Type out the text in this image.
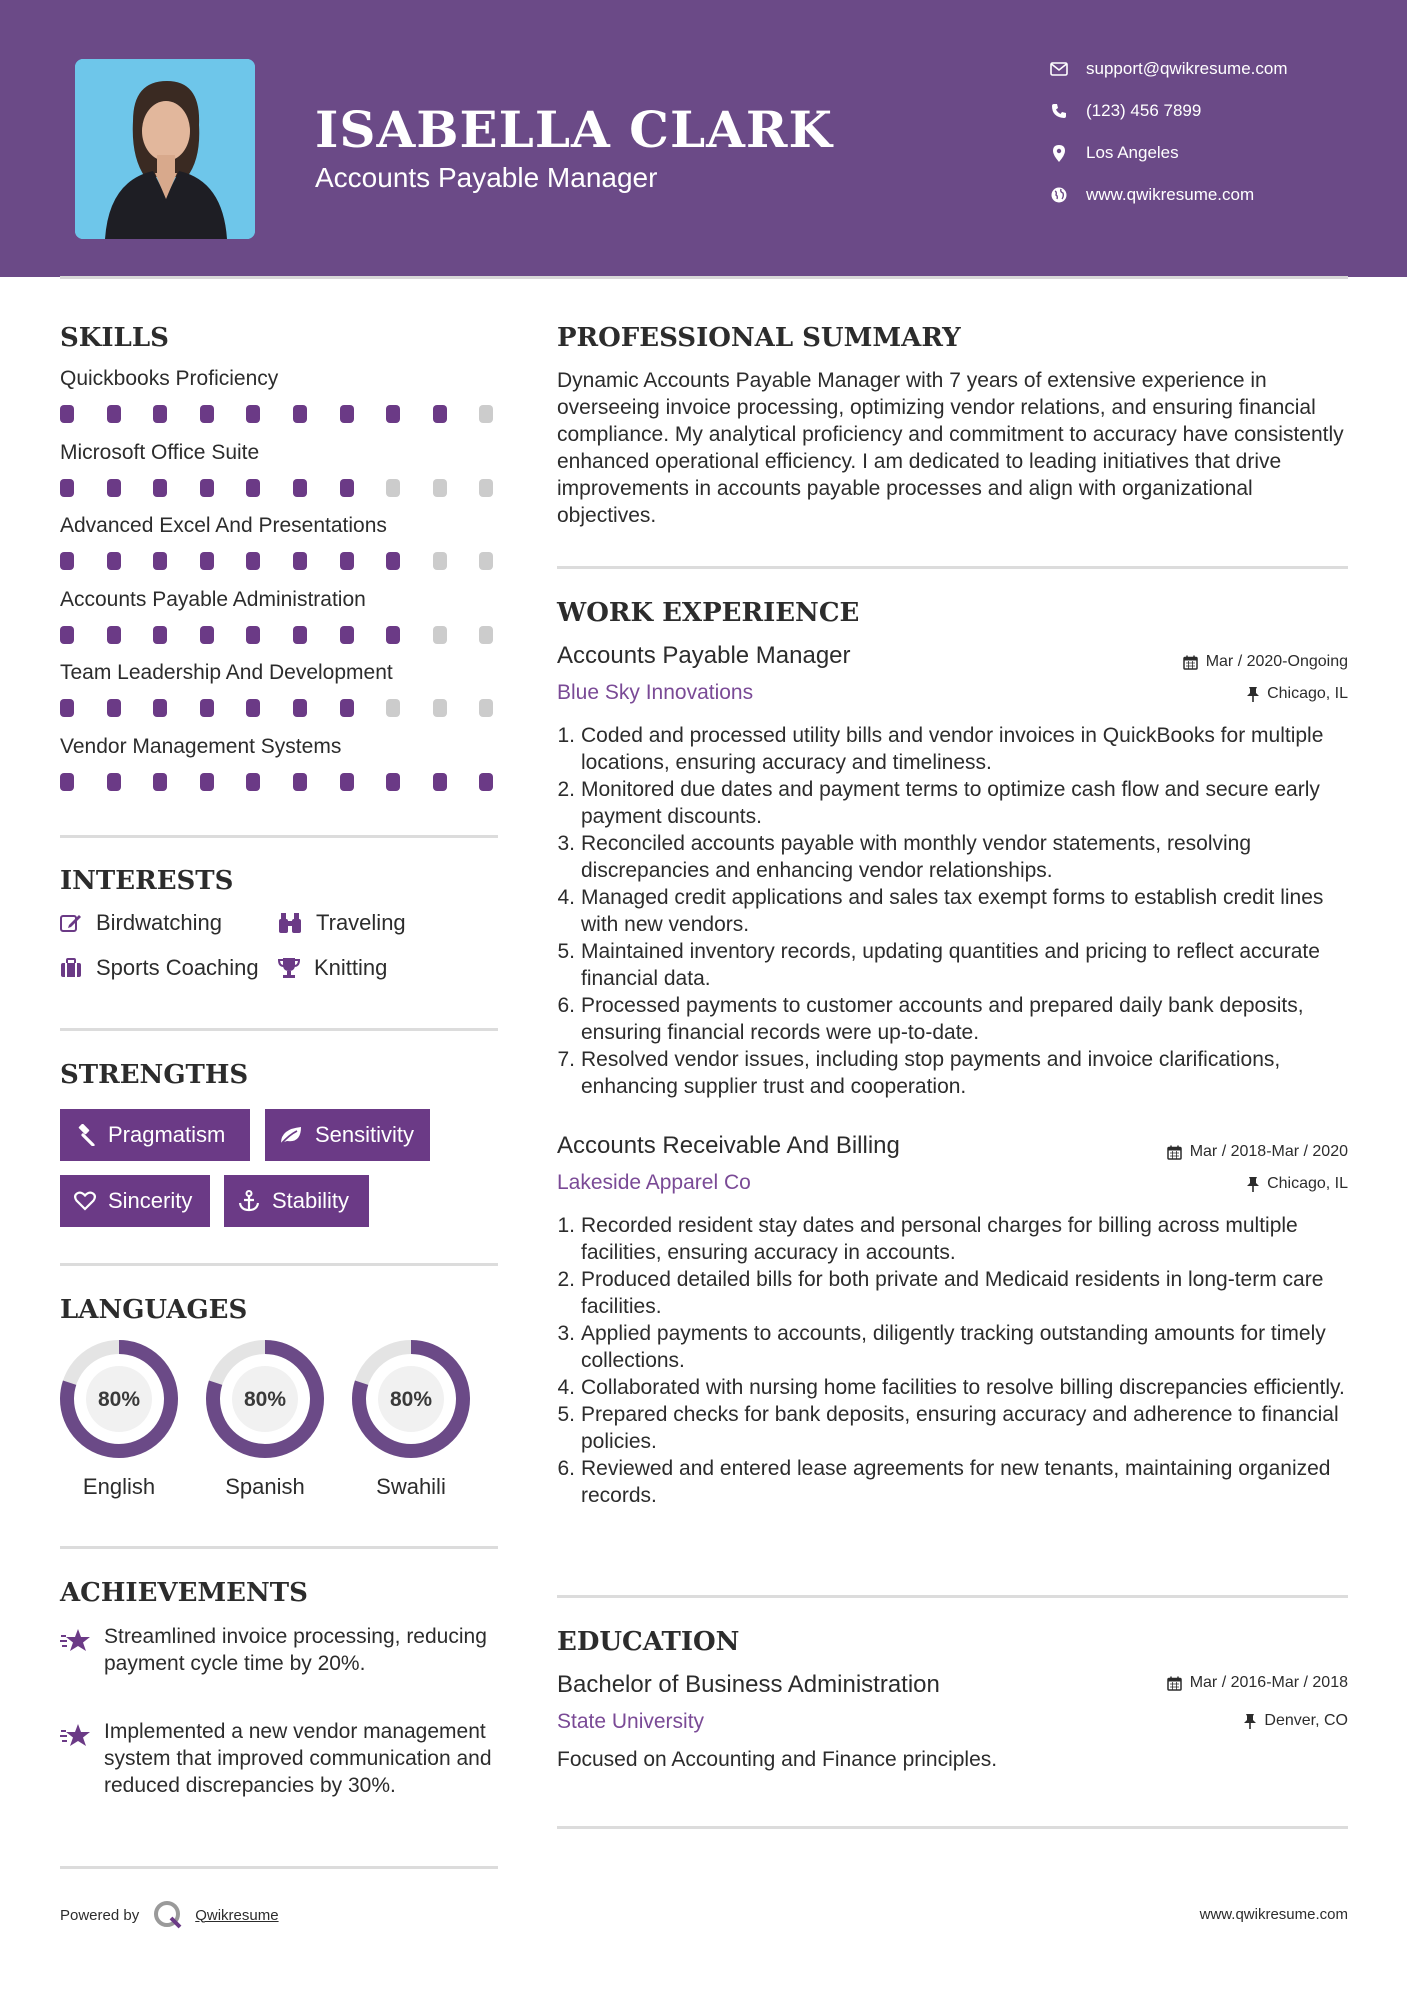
ISABELLA CLARK
Accounts Payable Manager
support@qwikresume.com
(123) 456 7899
Los Angeles
www.qwikresume.com
SKILLS
Quickbooks Proficiency
Microsoft Office Suite
Advanced Excel And Presentations
Accounts Payable Administration
Team Leadership And Development
Vendor Management Systems
INTERESTS
Birdwatching	Traveling
Sports Coaching	Knitting
STRENGTHS
Pragmatism	Sensitivity
Sincerity	Stability
LANGUAGES
80%
English
80%
Spanish
80%
Swahili
ACHIEVEMENTS
Streamlined invoice processing, reducing payment cycle time by 20%.
Implemented a new vendor management system that improved communication and reduced discrepancies by 30%.
PROFESSIONAL SUMMARY
Dynamic Accounts Payable Manager with 7 years of extensive experience in overseeing invoice processing, optimizing vendor relations, and ensuring financial compliance. My analytical proficiency and commitment to accuracy have consistently enhanced operational efficiency. I am dedicated to leading initiatives that drive improvements in accounts payable processes and align with organizational objectives.
WORK EXPERIENCE
Accounts Payable Manager	Mar / 2020-Ongoing
Blue Sky Innovations	Chicago, IL
1. Coded and processed utility bills and vendor invoices in QuickBooks for multiple locations, ensuring accuracy and timeliness.
2. Monitored due dates and payment terms to optimize cash flow and secure early payment discounts.
3. Reconciled accounts payable with monthly vendor statements, resolving discrepancies and enhancing vendor relationships.
4. Managed credit applications and sales tax exempt forms to establish credit lines with new vendors.
5. Maintained inventory records, updating quantities and pricing to reflect accurate financial data.
6. Processed payments to customer accounts and prepared daily bank deposits, ensuring financial records were up-to-date.
7. Resolved vendor issues, including stop payments and invoice clarifications, enhancing supplier trust and cooperation.
Accounts Receivable And Billing	Mar / 2018-Mar / 2020
Lakeside Apparel Co	Chicago, IL
1. Recorded resident stay dates and personal charges for billing across multiple facilities, ensuring accuracy in accounts.
2. Produced detailed bills for both private and Medicaid residents in long-term care facilities.
3. Applied payments to accounts, diligently tracking outstanding amounts for timely collections.
4. Collaborated with nursing home facilities to resolve billing discrepancies efficiently.
5. Prepared checks for bank deposits, ensuring accuracy and adherence to financial policies.
6. Reviewed and entered lease agreements for new tenants, maintaining organized records.
EDUCATION
Bachelor of Business Administration	Mar / 2016-Mar / 2018
State University	Denver, CO
Focused on Accounting and Finance principles.
Powered by	Qwikresume	www.qwikresume.com
